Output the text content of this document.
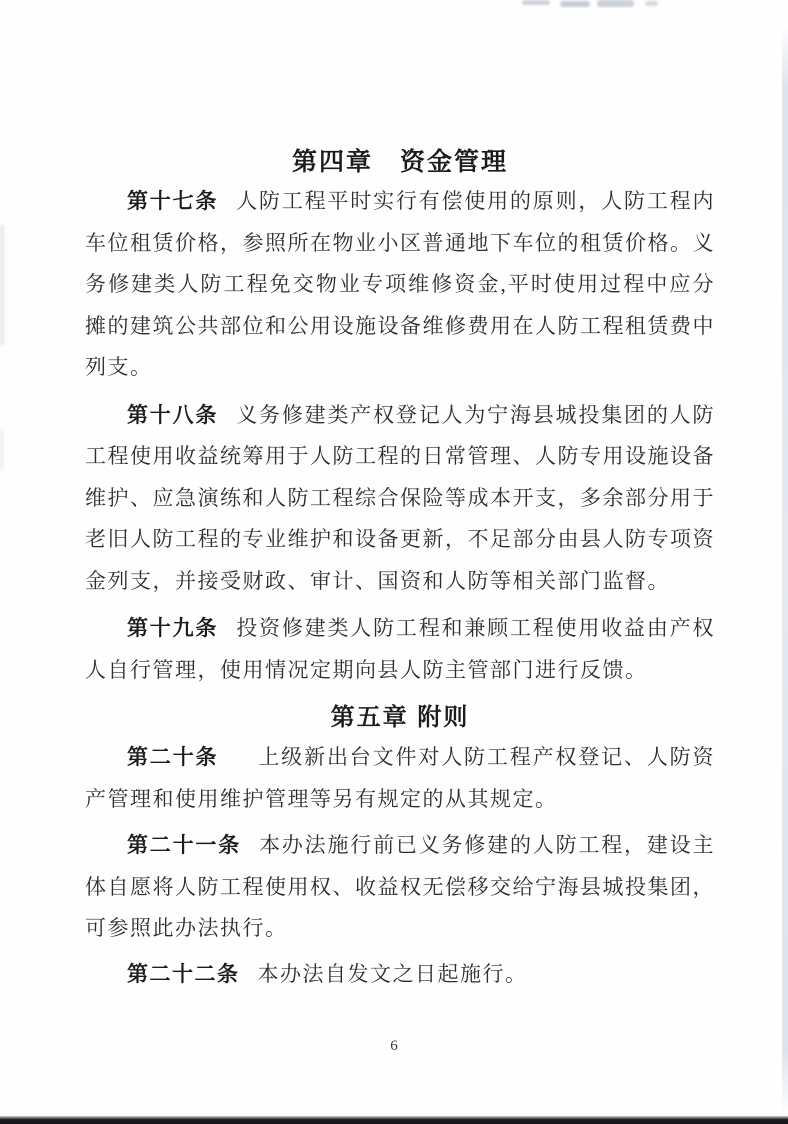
第四章　资金管理

第十七条 人防工程平时实行有偿使用的原则，人防工程内车位租赁价格，参照所在物业小区普通地下车位的租赁价格。义务修建类人防工程免交物业专项维修资金,平时使用过程中应分摊的建筑公共部位和公用设施设备维修费用在人防工程租赁费中列支。

第十八条 义务修建类产权登记人为宁海县城投集团的人防工程使用收益统筹用于人防工程的日常管理、人防专用设施设备维护、应急演练和人防工程综合保险等成本开支，多余部分用于老旧人防工程的专业维护和设备更新，不足部分由县人防专项资金列支，并接受财政、审计、国资和人防等相关部门监督。

第十九条 投资修建类人防工程和兼顾工程使用收益由产权人自行管理，使用情况定期向县人防主管部门进行反馈。

第五章 附则

第二十条 上级新出台文件对人防工程产权登记、人防资产管理和使用维护管理等另有规定的从其规定。

第二十一条 本办法施行前已义务修建的人防工程，建设主体自愿将人防工程使用权、收益权无偿移交给宁海县城投集团，可参照此办法执行。

第二十二条 本办法自发文之日起施行。

6
